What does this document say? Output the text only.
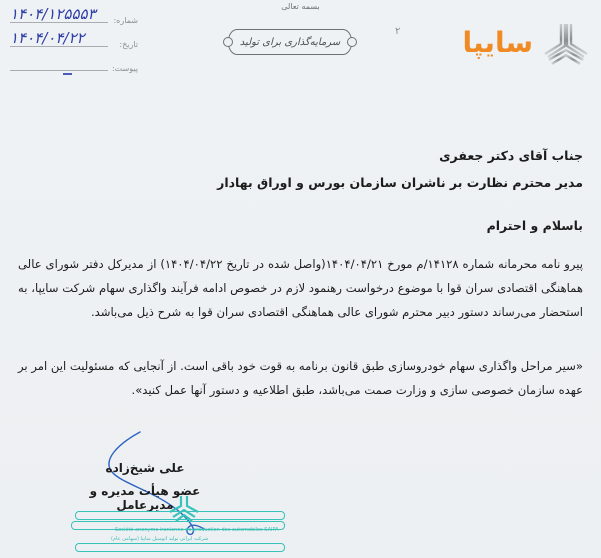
۱۴۰۴/۱۲۵۵۵۳ شماره:
۱۴۰۴/۰۴/۲۲	تاریخ:
پیوست:
بسمه تعالی
سرمایه‌گذاری برای تولید
۲ سایپا
جناب آقای دکتر جعفری
مدیر محترم نظارت بر ناشران سازمان بورس و اوراق بهادار
باسلام و احترام
پیرو نامه محرمانه شماره ۱۴۱۲۸/م مورخ ۱۴۰۴/۰۴/۲۱(واصل شده در تاریخ ۱۴۰۴/۰۴/۲۲) از مدیرکل دفتر شورای عالی هماهنگی اقتصادی سران قوا با موضوع درخواست رهنمود لازم در خصوص ادامه فرآیند واگذاری سهام شرکت سایپا، به استحضار می‌رساند دستور دبیر محترم شورای عالی هماهنگی اقتصادی سران قوا به شرح ذیل می‌باشد.
«سیر مراحل واگذاری سهام خودروسازی طبق قانون برنامه به قوت خود باقی است. از آنجایی که مسئولیت این امر بر عهده سازمان خصوصی سازی و وزارت صمت می‌باشد، طبق اطلاعیه و دستور آنها عمل کنید».
علی شیخ‌زاده
عضو هیأت مدیره و مدیرعامل
Société anonyme iranienne de production des automobiles SAIPA
شرکت ایرانی تولید اتومبیل سایپا (سهامی عام)
